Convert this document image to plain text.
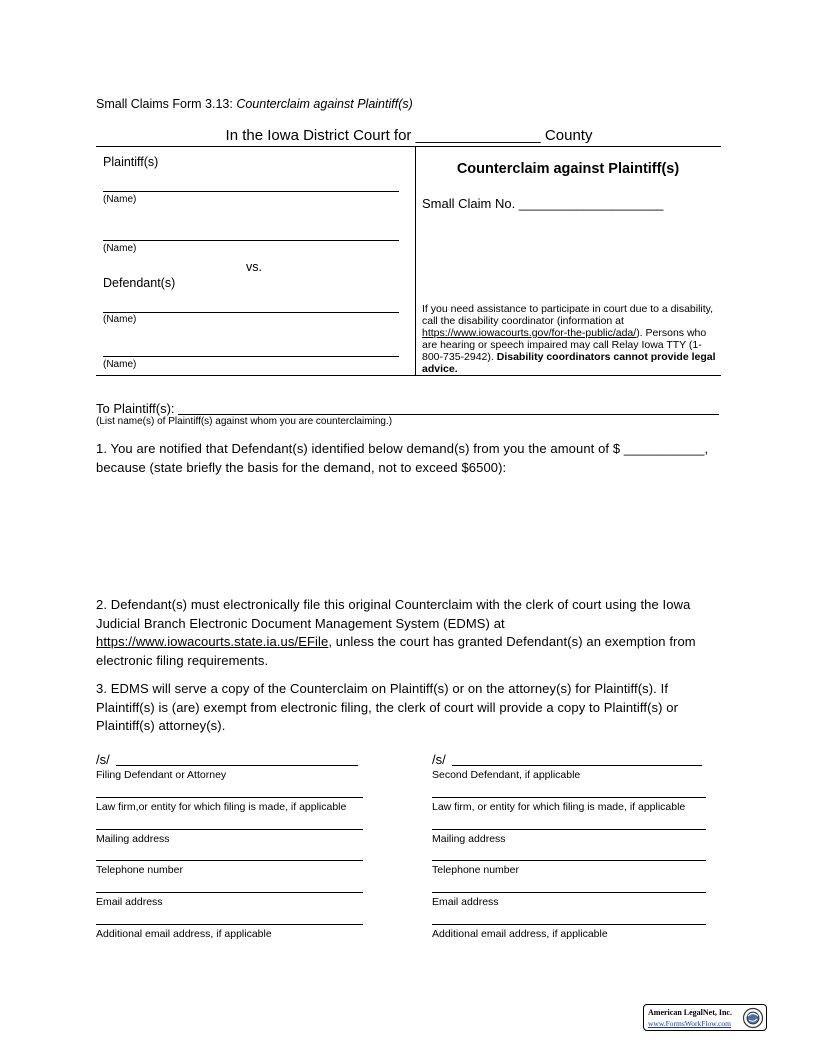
Small Claims Form 3.13: Counterclaim against Plaintiff(s)
In the Iowa District Court for _______________ County
Plaintiff(s)
(Name)
(Name)
vs.
Defendant(s)
(Name)
(Name)
Counterclaim against Plaintiff(s)
Small Claim No. ____________________
If you need assistance to participate in court due to a disability, call the disability coordinator (information at https://www.iowacourts.gov/for-the-public/ada/). Persons who are hearing or speech impaired may call Relay Iowa TTY (1-800-735-2942). Disability coordinators cannot provide legal advice.
To Plaintiff(s):
(List name(s) of Plaintiff(s) against whom you are counterclaiming.)
1. You are notified that Defendant(s) identified below demand(s) from you the amount of $ ___________,
because (state briefly the basis for the demand, not to exceed $6500):
2. Defendant(s) must electronically file this original Counterclaim with the clerk of court using the Iowa Judicial Branch Electronic Document Management System (EDMS) at https://www.iowacourts.state.ia.us/EFile, unless the court has granted Defendant(s) an exemption from electronic filing requirements.
3. EDMS will serve a copy of the Counterclaim on Plaintiff(s) or on the attorney(s) for Plaintiff(s). If Plaintiff(s) is (are) exempt from electronic filing, the clerk of court will provide a copy to Plaintiff(s) or Plaintiff(s) attorney(s).
/s/
Filing Defendant or Attorney
Law firm,or entity for which filing is made, if applicable
Mailing address
Telephone number
Email address
Additional email address, if applicable
/s/
Second Defendant, if applicable
Law firm, or entity for which filing is made, if applicable
Mailing address
Telephone number
Email address
Additional email address, if applicable
American LegalNet, Inc.
www.FormsWorkFlow.com
